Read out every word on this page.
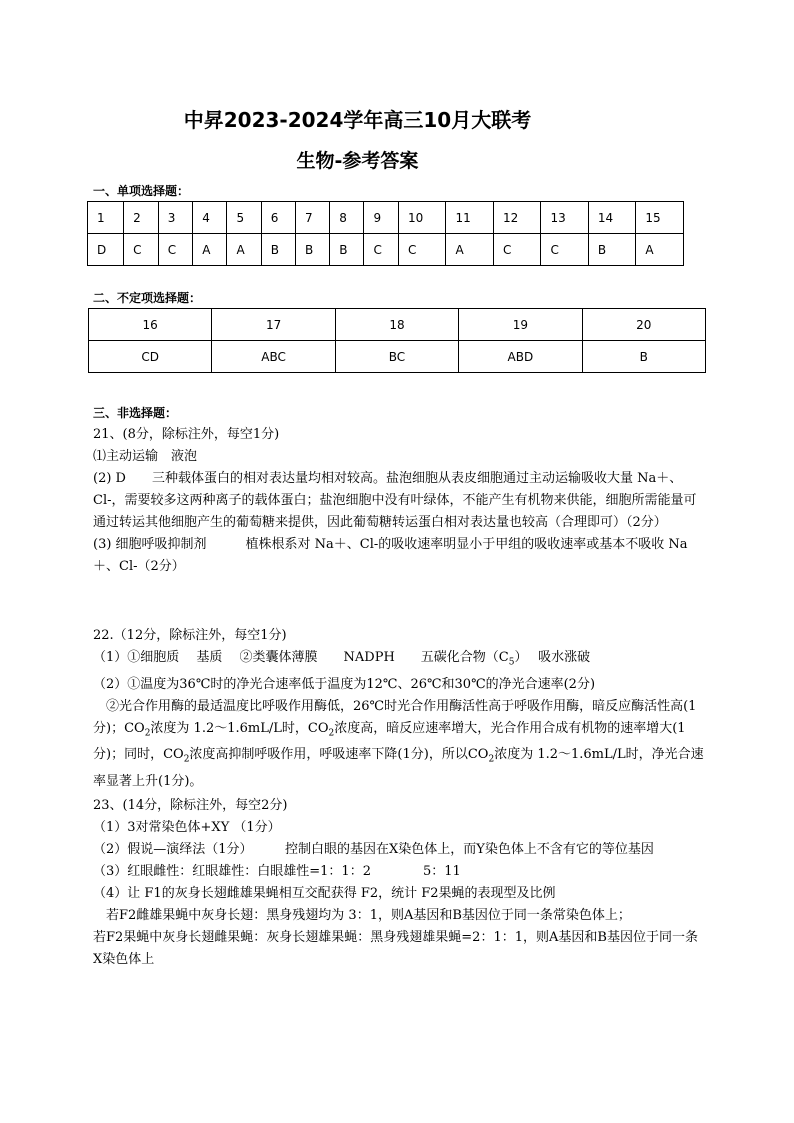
中昇2023-2024学年高三10月大联考
生物-参考答案
一、单项选择题：
1	2	3	4	5	6	7	8	9	10	11	12	13	14	15
D	C	C	A	A	B	B	B	C	C	A	C	C	B	A
二、不定项选择题：
16	17	18	19	20
CD	ABC	BC	ABD	B
三、非选择题：

21、(8分，除标注外，每空1分)

⑴主动运输　液泡

(2) D　　三种载体蛋白的相对表达量均相对较高。盐泡细胞从表皮细胞通过主动运输吸收大量 Na＋、Cl-，需要较多这两种离子的载体蛋白；盐泡细胞中没有叶绿体，不能产生有机物来供能，细胞所需能量可通过转运其他细胞产生的葡萄糖来提供，因此葡萄糖转运蛋白相对表达量也较高（合理即可）（2分）

(3) 细胞呼吸抑制剂　　　植株根系对 Na＋、Cl-的吸收速率明显小于甲组的吸收速率或基本不吸收 Na＋、Cl-（2分）

22.（12分，除标注外，每空1分)

（1）①细胞质　 基质　 ②类囊体薄膜　　NADPH　　五碳化合物$(C_5)$　 吸水涨破

（2）①温度为36℃时的净光合速率低于温度为12℃、26℃和30℃的净光合速率(2分)

　②光合作用酶的最适温度比呼吸作用酶低，26℃时光合作用酶活性高于呼吸作用酶，暗反应酶活性高(1分)；$CO_2$浓度为 1.2～1.6mL/L时，$CO_2$浓度高，暗反应速率增大，光合作用合成有机物的速率增大(1分)；同时，$CO_2$浓度高抑制呼吸作用，呼吸速率下降(1分)，所以$CO_2$浓度为 1.2～1.6mL/L时，净光合速率显著上升(1分)。

23、(14分，除标注外，每空2分)

（1）3对常染色体+XY （1分）

（2）假说—演绎法（1分）　　　控制白眼的基因在X染色体上，而Y染色体上不含有它的等位基因

（3）红眼雌性：红眼雄性：白眼雄性=1：1：2　　　　5：11

（4）让 F1的灰身长翅雌雄果蝇相互交配获得 F2，统计 F2果蝇的表现型及比例

　若F2雌雄果蝇中灰身长翅：黑身残翅均为 3：1，则A基因和B基因位于同一条常染色体上；

若F2果蝇中灰身长翅雌果蝇：灰身长翅雄果蝇：黑身残翅雄果蝇=2：1：1，则A基因和B基因位于同一条 X染色体上
